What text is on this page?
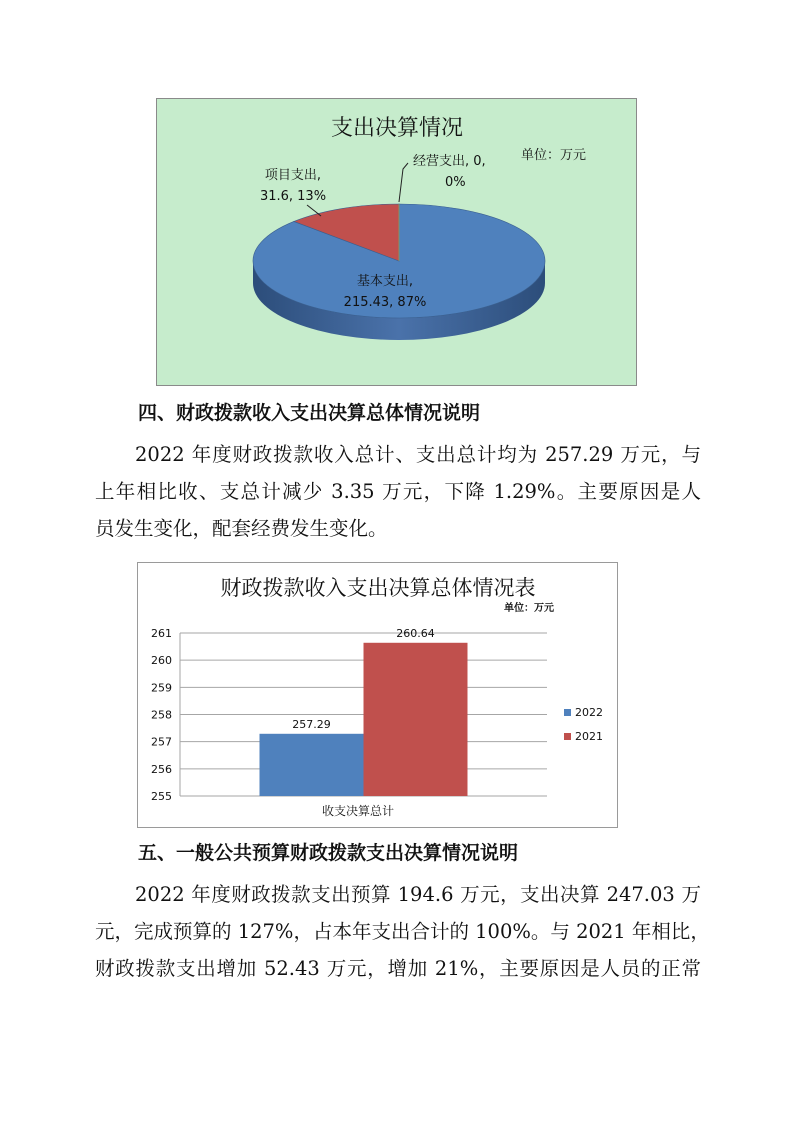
支出决算情况
单位：万元
基本支出,
215.43, 87%
项目支出,
31.6, 13%
经营支出, 0,
0%
四、财政拨款收入支出决算总体情况说明
2022 年度财政拨款收入总计、支出总计均为 257.29 万元，与
上年相比收、支总计减少 3.35 万元，下降 1.29%。主要原因是人
员发生变化，配套经费发生变化。
财政拨款收入支出决算总体情况表
单位：万元
255
256
257
258
259
260
261
257.29
260.64
收支决算总计
2022
2021
五、一般公共预算财政拨款支出决算情况说明
2022 年度财政拨款支出预算 194.6 万元，支出决算 247.03 万
元，完成预算的 127%，占本年支出合计的 100%。与 2021 年相比，
财政拨款支出增加 52.43 万元，增加 21%，主要原因是人员的正常
